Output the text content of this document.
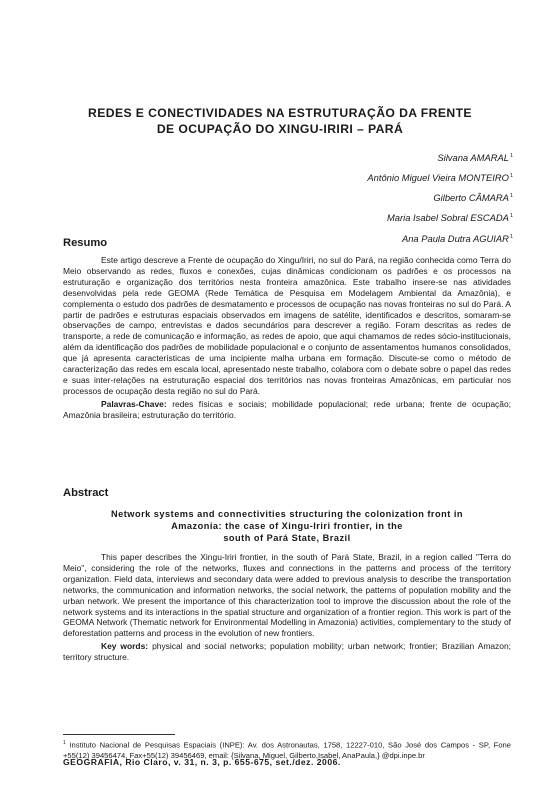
REDES E CONECTIVIDADES NA ESTRUTURAÇÃO DA FRENTE
DE OCUPAÇÃO DO XINGU-IRIRI – PARÁ
Silvana AMARAL$^1$
Antônio Miguel Vieira MONTEIRO$^1$
Gilberto CÂMARA$^1$
Maria Isabel Sobral ESCADA$^1$
Ana Paula Dutra AGUIAR$^1$
Resumo

Este artigo descreve a Frente de ocupação do Xingu/Iriri, no sul do Pará, na região conhecida como Terra do Meio observando as redes, fluxos e conexões, cujas dinâmicas condicionam os padrões e os processos na estruturação e organização dos territórios nesta fronteira amazônica. Este trabalho insere-se nas atividades desenvolvidas pela rede GEOMA (Rede Temática de Pesquisa em Modelagem Ambiental da Amazônia), e complementa o estudo dos padrões de desmatamento e processos de ocupação nas novas fronteiras no sul do Pará. A partir de padrões e estruturas espaciais observados em imagens de satélite, identificados e descritos, somaram-se observações de campo, entrevistas e dados secundários para descrever a região. Foram descritas as redes de transporte, a rede de comunicação e informação, as redes de apoio, que aqui chamamos de redes sócio-institucionais, além da identificação dos padrões de mobilidade populacional e o conjunto de assentamentos humanos consolidados, que já apresenta características de uma incipiente malha urbana em formação. Discute-se como o método de caracterização das redes em escala local, apresentado neste trabalho, colabora com o debate sobre o papel das redes e suas inter-relações na estruturação espacial dos territórios nas novas fronteiras Amazônicas, em particular nos processos de ocupação desta região no sul do Pará.

Palavras-Chave: redes físicas e sociais; mobilidade populacional; rede urbana; frente de ocupação; Amazônia brasileira; estruturação do território.

Abstract
Network systems and connectivities structuring the colonization front in
Amazonia: the case of Xingu-Iriri frontier, in the
south of Pará State, Brazil

This paper describes the Xingu-Iriri frontier, in the south of Pará State, Brazil, in a region called "Terra do Meio", considering the role of the networks, fluxes and connections in the patterns and process of the territory organization. Field data, interviews and secondary data were added to previous analysis to describe the transportation networks, the communication and information networks, the social network, the patterns of population mobility and the urban network. We present the importance of this characterization tool to improve the discussion about the role of the network systems and its interactions in the spatial structure and organization of a frontier region. This work is part of the GEOMA Network (Thematic network for Environmental Modelling in Amazonia) activities, complementary to the study of deforestation patterns and process in the evolution of new frontiers.

Key words: physical and social networks; population mobility; urban network; frontier; Brazilian Amazon; territory structure.

$^1$ Instituto Nacional de Pesquisas Espaciais (INPE): Av. dos Astronautas, 1758, 12227-010, São José dos Campos - SP, Fone +55(12) 39456474, Fax+55(12) 39456469, email: {Silvana, Miguel, Gilberto,Isabel, AnaPaula,} @dpi.inpe.br
GEOGRAFIA, Rio Claro, v. 31, n. 3, p. 655-675, set./dez. 2006.
